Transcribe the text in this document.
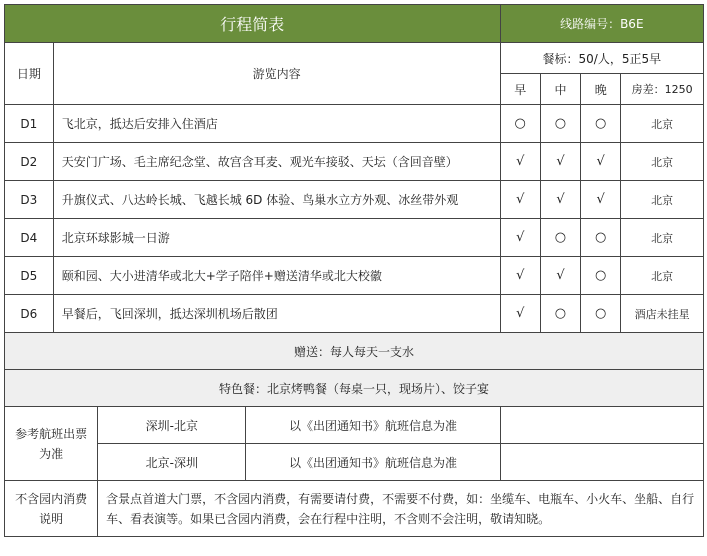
行程简表				线路编号：B6E			
日期	游览内容			餐标：50/人，5正5早			
				早	中	晚	房差：1250
D1	飞北京，抵达后安排入住酒店			○	○	○	北京
D2	天安门广场、毛主席纪念堂、故宫含耳麦、观光车接驳、天坛（含回音壁）			√	√	√	北京
D3	升旗仪式、八达岭长城、飞越长城 6D 体验、鸟巢水立方外观、冰丝带外观			√	√	√	北京
D4	北京环球影城一日游			√	○	○	北京
D5	颐和园、大小进清华或北大+学子陪伴+赠送清华或北大校徽			√	√	○	北京
D6	早餐后，飞回深圳，抵达深圳机场后散团			√	○	○	酒店未挂星
赠送：每人每天一支水							
特色餐：北京烤鸭餐（每桌一只，现场片）、饺子宴							
参考航班出票为准		深圳-北京	以《出团通知书》航班信息为准				
		北京-深圳	以《出团通知书》航班信息为准				
不含园内消费说明		含景点首道大门票，不含园内消费，有需要请付费，不需要不付费，如：坐缆车、电瓶车、小火车、坐船、自行车、看表演等。如果已含园内消费，会在行程中注明，不含则不会注明，敬请知晓。					
